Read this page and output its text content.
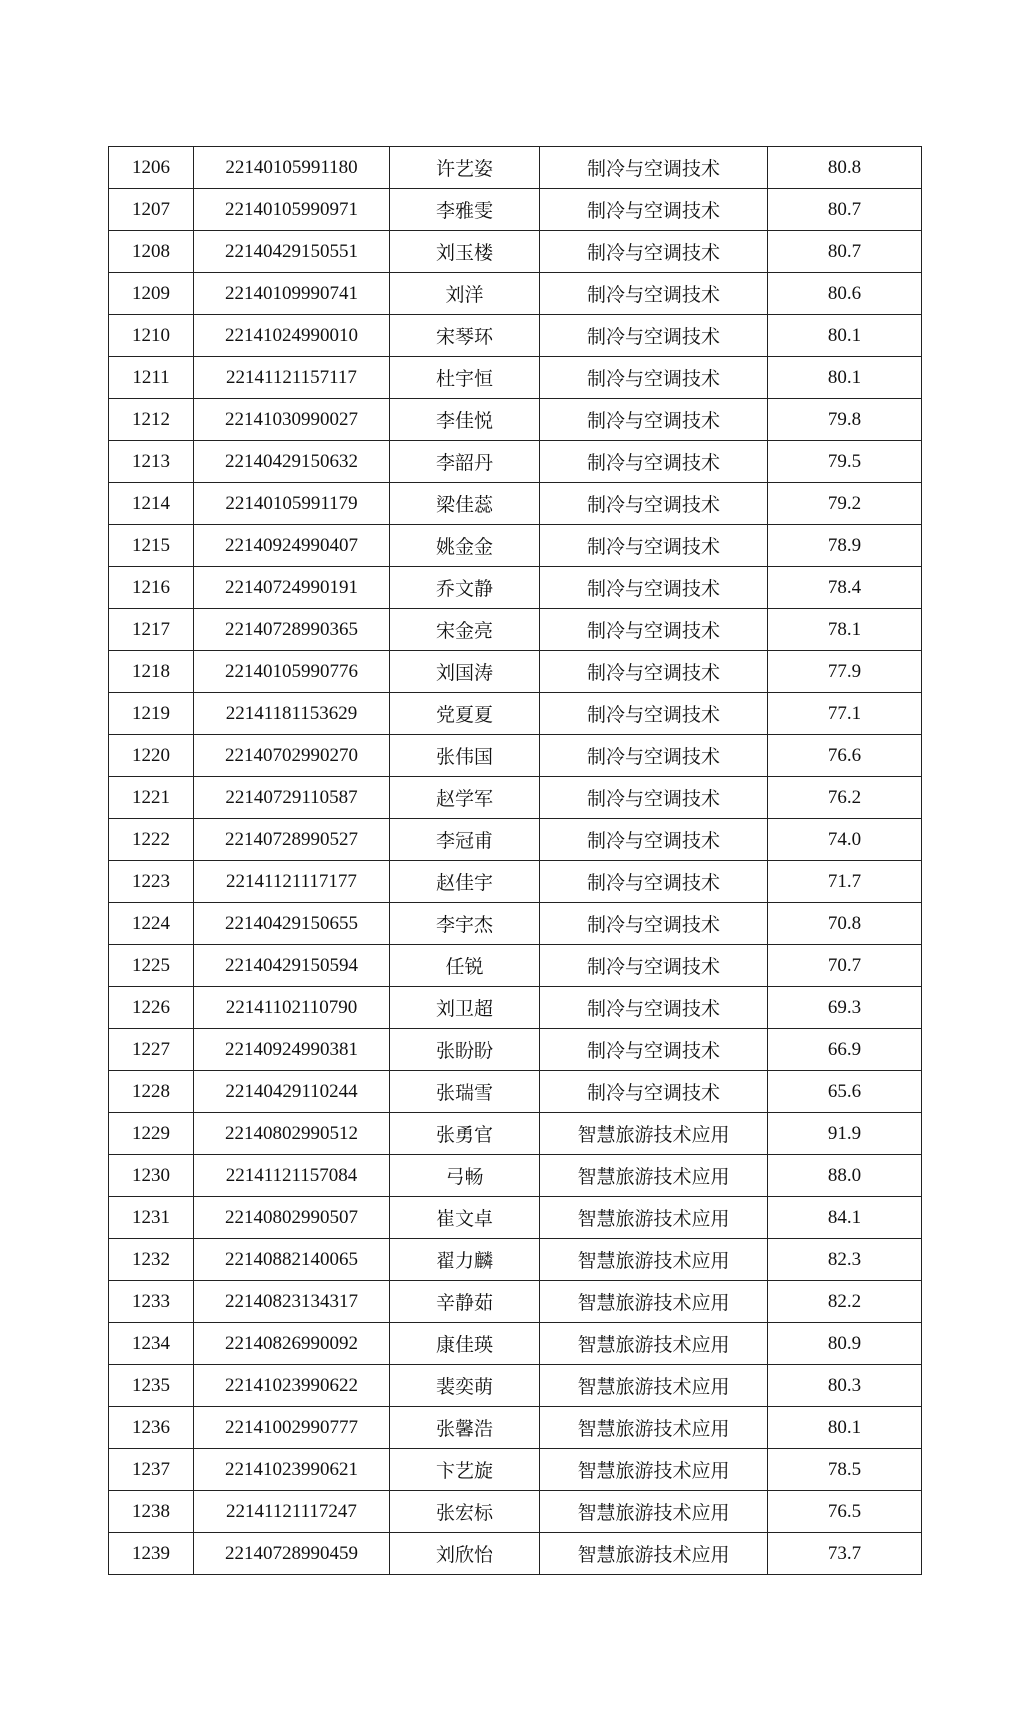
1206	22140105991180	许艺姿	制冷与空调技术	80.8
1207	22140105990971	李雅雯	制冷与空调技术	80.7
1208	22140429150551	刘玉楼	制冷与空调技术	80.7
1209	22140109990741	刘洋	制冷与空调技术	80.6
1210	22141024990010	宋琴环	制冷与空调技术	80.1
1211	22141121157117	杜宇恒	制冷与空调技术	80.1
1212	22141030990027	李佳悦	制冷与空调技术	79.8
1213	22140429150632	李韶丹	制冷与空调技术	79.5
1214	22140105991179	梁佳蕊	制冷与空调技术	79.2
1215	22140924990407	姚金金	制冷与空调技术	78.9
1216	22140724990191	乔文静	制冷与空调技术	78.4
1217	22140728990365	宋金亮	制冷与空调技术	78.1
1218	22140105990776	刘国涛	制冷与空调技术	77.9
1219	22141181153629	党夏夏	制冷与空调技术	77.1
1220	22140702990270	张伟国	制冷与空调技术	76.6
1221	22140729110587	赵学军	制冷与空调技术	76.2
1222	22140728990527	李冠甫	制冷与空调技术	74.0
1223	22141121117177	赵佳宇	制冷与空调技术	71.7
1224	22140429150655	李宇杰	制冷与空调技术	70.8
1225	22140429150594	任锐	制冷与空调技术	70.7
1226	22141102110790	刘卫超	制冷与空调技术	69.3
1227	22140924990381	张盼盼	制冷与空调技术	66.9
1228	22140429110244	张瑞雪	制冷与空调技术	65.6
1229	22140802990512	张勇官	智慧旅游技术应用	91.9
1230	22141121157084	弓畅	智慧旅游技术应用	88.0
1231	22140802990507	崔文卓	智慧旅游技术应用	84.1
1232	22140882140065	翟力麟	智慧旅游技术应用	82.3
1233	22140823134317	辛静茹	智慧旅游技术应用	82.2
1234	22140826990092	康佳瑛	智慧旅游技术应用	80.9
1235	22141023990622	裴奕萌	智慧旅游技术应用	80.3
1236	22141002990777	张馨浩	智慧旅游技术应用	80.1
1237	22141023990621	卞艺旋	智慧旅游技术应用	78.5
1238	22141121117247	张宏标	智慧旅游技术应用	76.5
1239	22140728990459	刘欣怡	智慧旅游技术应用	73.7
